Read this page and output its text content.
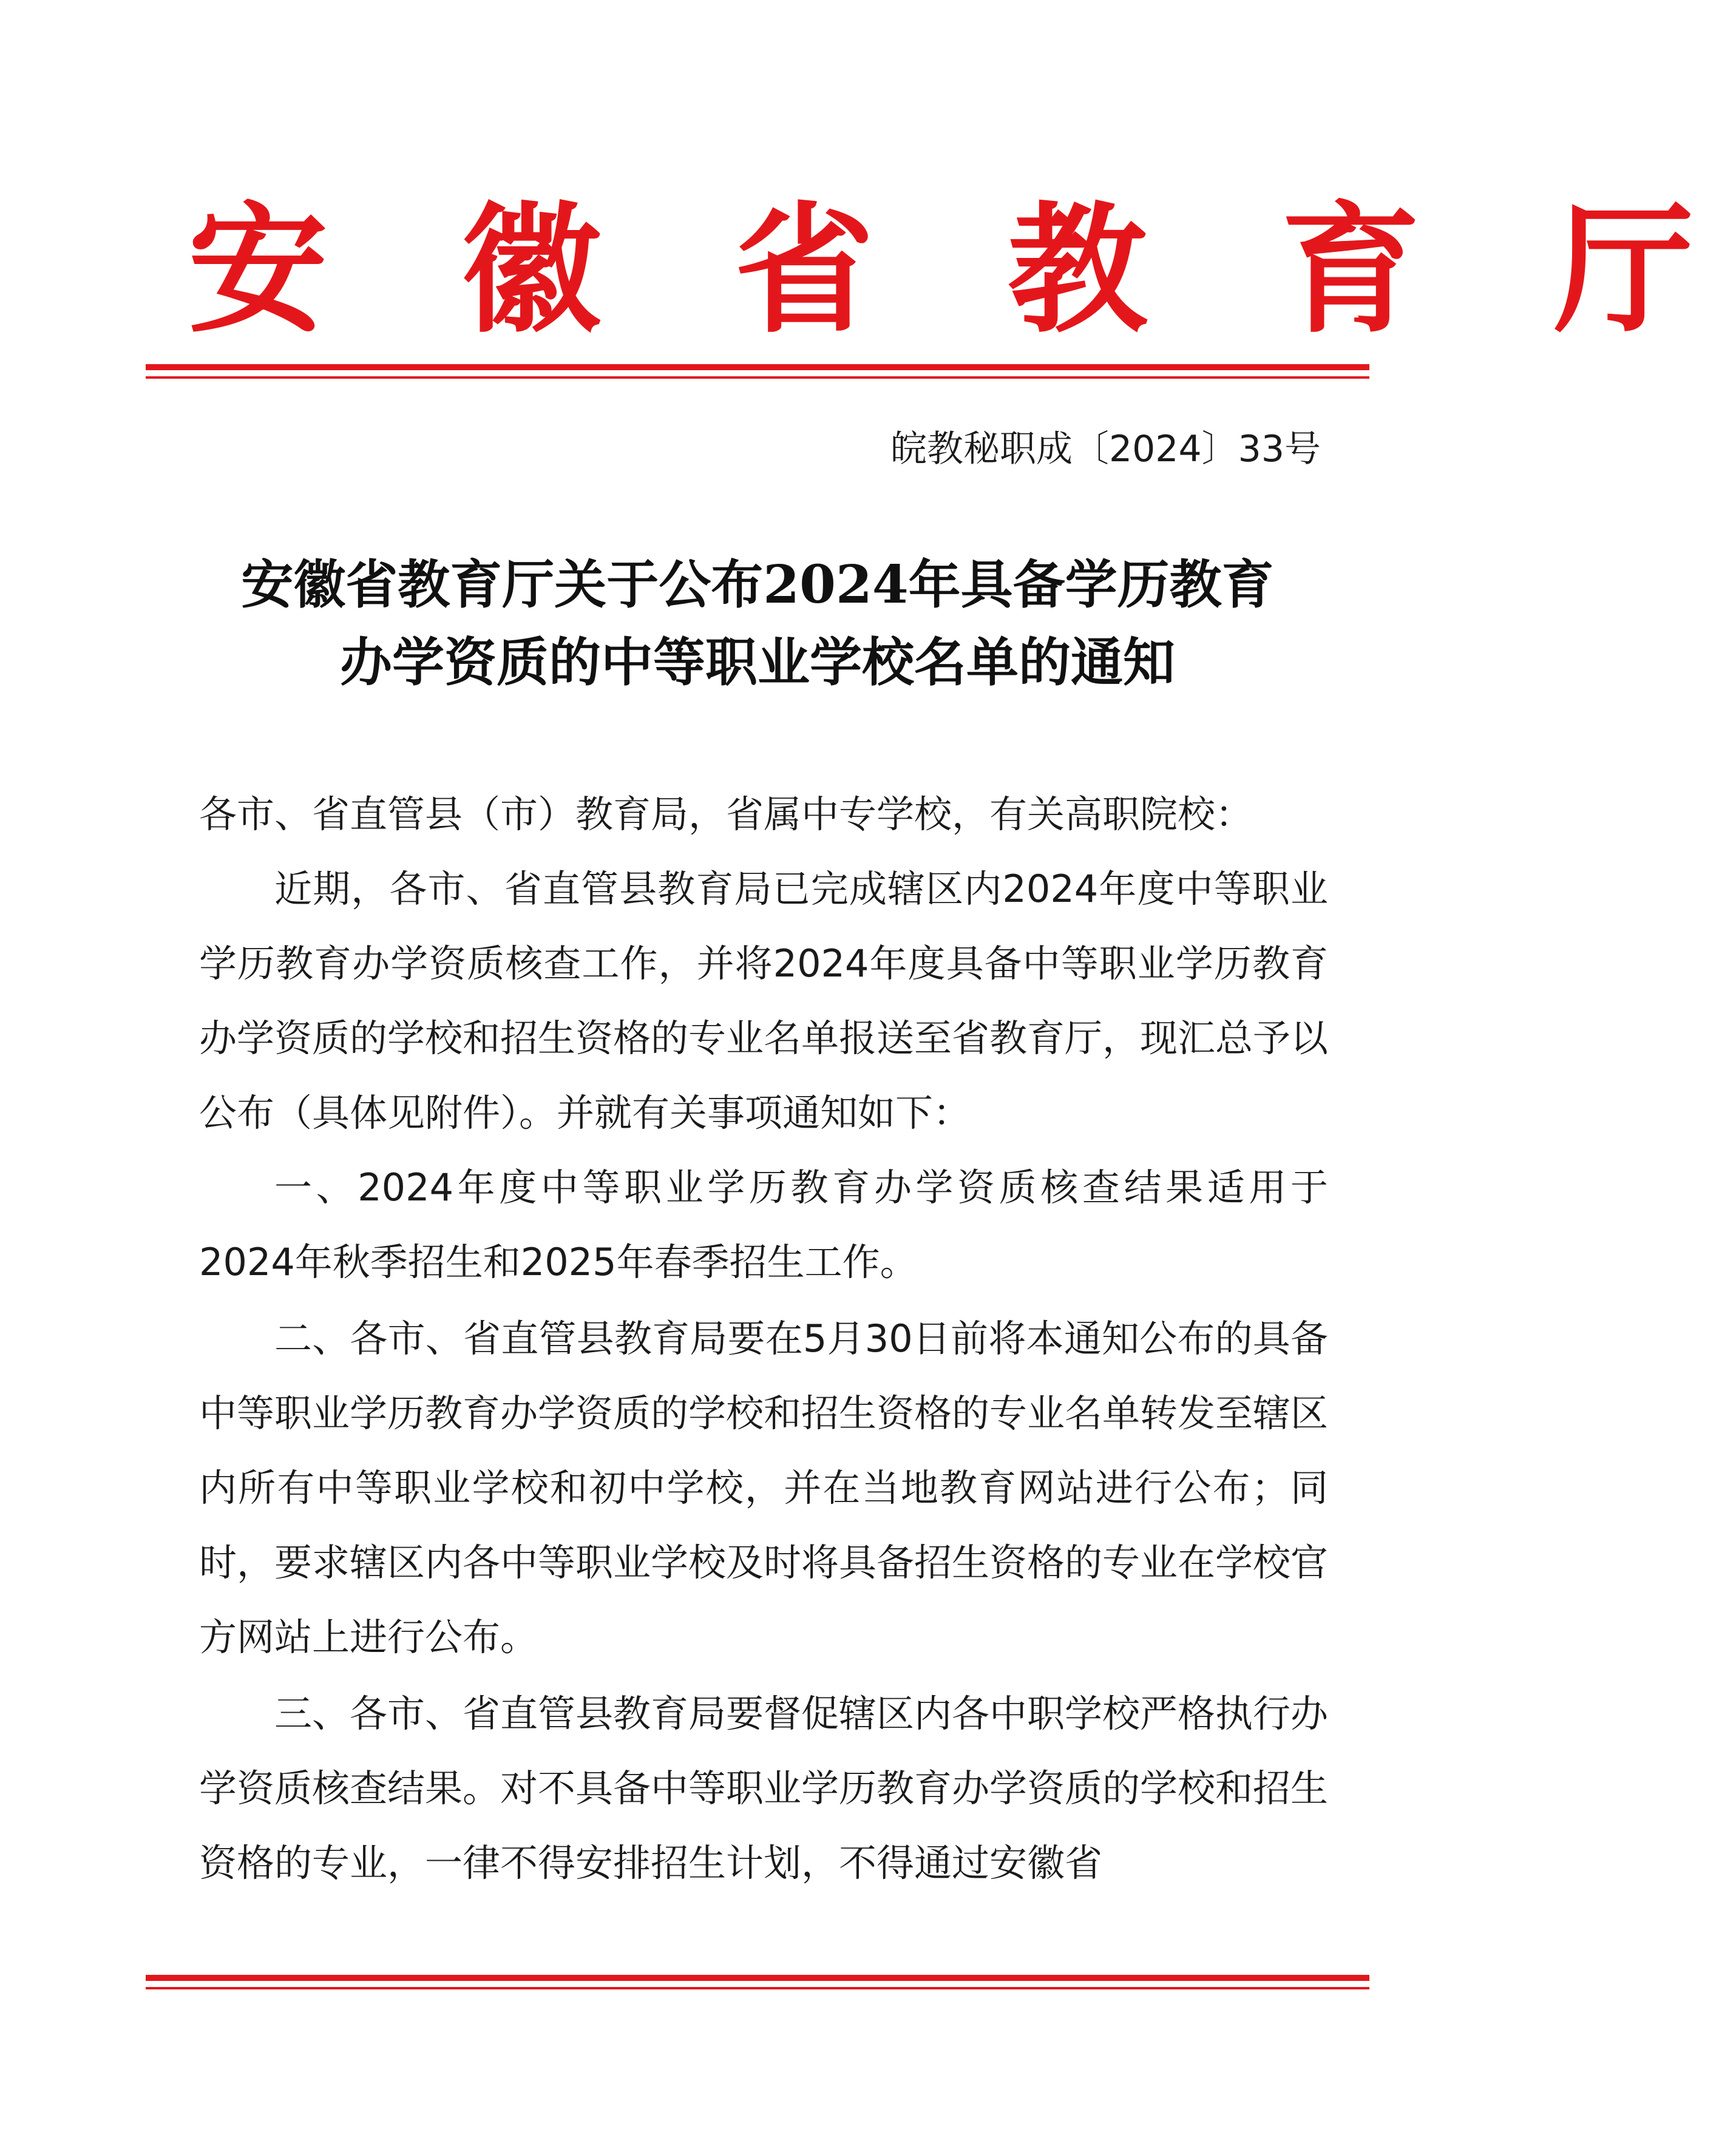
安 徽 省 教 育 厅
皖教秘职成〔2024〕33号
安徽省教育厅关于公布2024年具备学历教育
办学资质的中等职业学校名单的通知

各市、省直管县（市）教育局，省属中专学校，有关高职院校：

近期，各市、省直管县教育局已完成辖区内2024年度中等职业学历教育办学资质核查工作，并将2024年度具备中等职业学历教育办学资质的学校和招生资格的专业名单报送至省教育厅，现汇总予以公布（具体见附件）。并就有关事项通知如下：

一、2024年度中等职业学历教育办学资质核查结果适用于2024年秋季招生和2025年春季招生工作。

二、各市、省直管县教育局要在5月30日前将本通知公布的具备中等职业学历教育办学资质的学校和招生资格的专业名单转发至辖区内所有中等职业学校和初中学校，并在当地教育网站进行公布；同时，要求辖区内各中等职业学校及时将具备招生资格的专业在学校官方网站上进行公布。

三、各市、省直管县教育局要督促辖区内各中职学校严格执行办学资质核查结果。对不具备中等职业学历教育办学资质的学校和招生资格的专业，一律不得安排招生计划，不得通过安徽省
